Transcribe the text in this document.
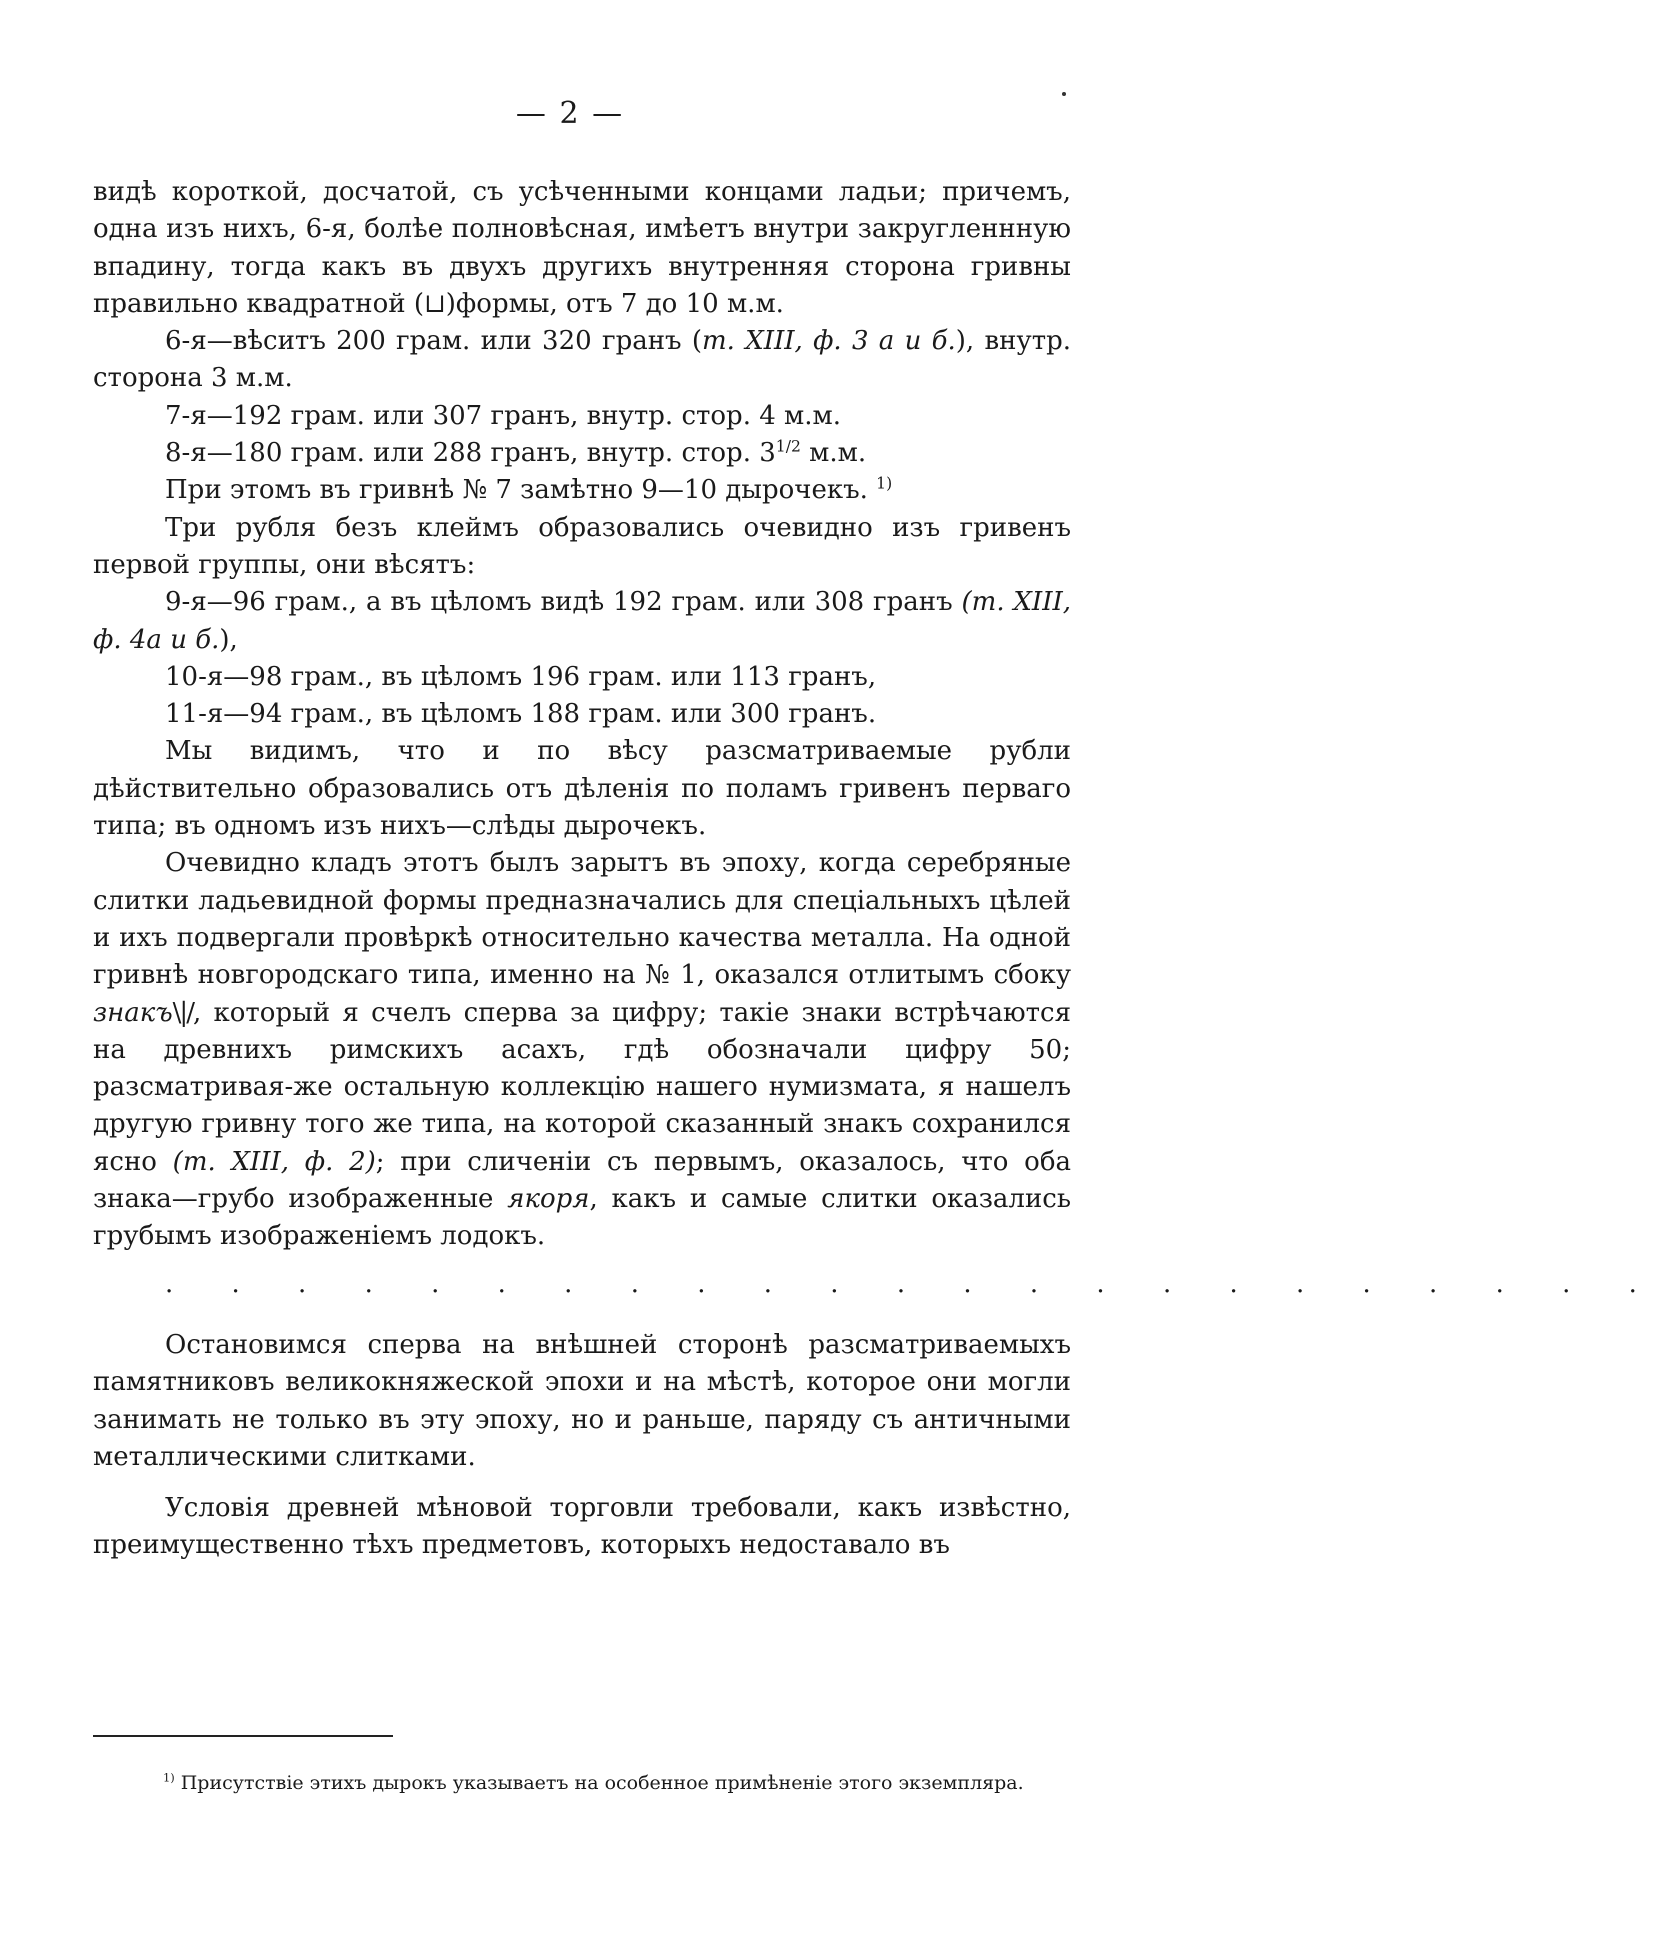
— 2 —

видѣ короткой, досчатой, съ усѣченными концами ладьи; причемъ, одна изъ нихъ, 6-я, болѣе полновѣсная, имѣетъ внутри закругленнную впадину, тогда какъ въ двухъ другихъ внутренняя сторона гривны правильно квадратной (⊔)формы, отъ 7 до 10 м.м.

6-я—вѣситъ 200 грам. или 320 гранъ (т. XIII, ф. 3 а и б.), внутр. сторона 3 м.м.

7-я—192 грам. или 307 гранъ, внутр. стор. 4 м.м.

8-я—180 грам. или 288 гранъ, внутр. стор. $3^{1/2}$ м.м.

При этомъ въ гривнѣ № 7 замѣтно 9—10 дырочекъ. $^{1)}$

Три рубля безъ клеймъ образовались очевидно изъ гривенъ первой группы, они вѣсятъ:

9-я—96 грам., а въ цѣломъ видѣ 192 грам. или 308 гранъ (т. XIII, ф. 4а и б.),

10-я—98 грам., въ цѣломъ 196 грам. или 113 гранъ,

11-я—94 грам., въ цѣломъ 188 грам. или 300 гранъ.

Мы видимъ, что и по вѣсу разсматриваемые рубли дѣйствительно образовались отъ дѣленія по поламъ гривенъ перваго типа; въ одномъ изъ нихъ—слѣды дырочекъ.

Очевидно кладъ этотъ былъ зарытъ въ эпоху, когда серебряные слитки ладьевидной формы предназначались для спеціальныхъ цѣлей и ихъ подвергали провѣркѣ относительно качества металла. На одной гривнѣ новгородскаго типа, именно на № 1, оказался отлитымъ сбоку знакъ\|/, который я счелъ сперва за цифру; такіе знаки встрѣчаются на древнихъ римскихъ асахъ, гдѣ обозначали цифру 50; разсматривая-же остальную коллекцію нашего нумизмата, я нашелъ другую гривну того же типа, на которой сказанный знакъ сохранился ясно (т. XIII, ф. 2); при сличеніи съ первымъ, оказалось, что оба знака—грубо изображенные якоря, какъ и самые слитки оказались грубымъ изображеніемъ лодокъ.

· · · · · · · · · · · · · · · · · · · · · · ·

Остановимся сперва на внѣшней сторонѣ разсматриваемыхъ памятниковъ великокняжеской эпохи и на мѣстѣ, которое они могли занимать не только въ эту эпоху, но и раньше, паряду съ античными металлическими слитками.

Условія древней мѣновой торговли требовали, какъ извѣстно, преимущественно тѣхъ предметовъ, которыхъ недоставало въ

$^{1)}$ Присутствіе этихъ дырокъ указываетъ на особенное примѣненіе этого экземпляра.
